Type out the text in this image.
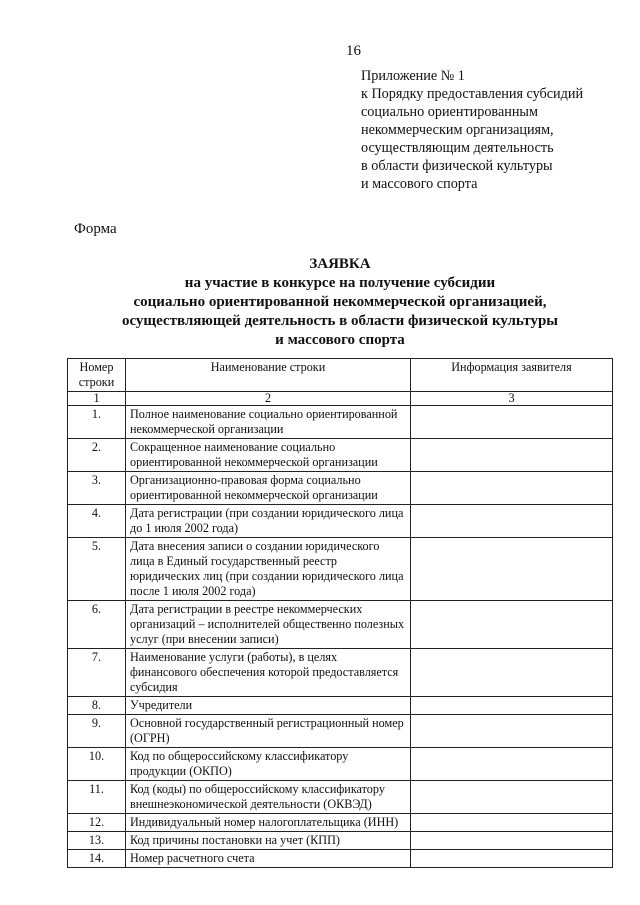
16
Приложение № 1
к Порядку предоставления субсидий
социально ориентированным
некоммерческим организациям,
осуществляющим деятельность
в области физической культуры
и массового спорта
Форма
ЗАЯВКА
на участие в конкурсе на получение субсидии
социально ориентированной некоммерческой организацией,
осуществляющей деятельность в области физической культуры
и массового спорта
Номер строки	Наименование строки	Информация заявителя
1	2	3
1.	Полное наименование социально ориентированной некоммерческой организации	
2.	Сокращенное наименование социально ориентированной некоммерческой организации	
3.	Организационно-правовая форма социально ориентированной некоммерческой организации	
4.	Дата регистрации (при создании юридического лица до 1 июля 2002 года)	
5.	Дата внесения записи о создании юридического лица в Единый государственный реестр юридических лиц (при создании юридического лица после 1 июля 2002 года)	
6.	Дата регистрации в реестре некоммерческих организаций – исполнителей общественно полезных услуг (при внесении записи)	
7.	Наименование услуги (работы), в целях финансового обеспечения которой предоставляется субсидия	
8.	Учредители	
9.	Основной государственный регистрационный номер (ОГРН)	
10.	Код по общероссийскому классификатору продукции (ОКПО)	
11.	Код (коды) по общероссийскому классификатору внешнеэкономической деятельности (ОКВЭД)	
12.	Индивидуальный номер налогоплательщика (ИНН)	
13.	Код причины постановки на учет (КПП)	
14.	Номер расчетного счета	
